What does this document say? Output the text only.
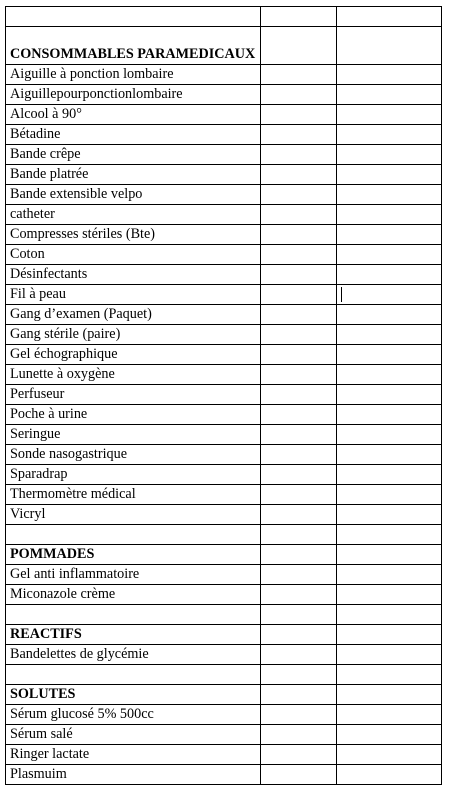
CONSOMMABLES PARAMEDICAUX		
Aiguille à ponction lombaire		
Aiguillepourponctionlombaire		
Alcool à 90°		
Bétadine		
Bande crêpe		
Bande platrée		
Bande extensible velpo		
catheter		
Compresses stériles (Bte)		
Coton		
Désinfectants		
Fil à peau		
Gang d’examen (Paquet)		
Gang stérile (paire)		
Gel échographique		
Lunette à oxygène		
Perfuseur		
Poche à urine		
Seringue		
Sonde nasogastrique		
Sparadrap		
Thermomètre médical		
Vicryl		

POMMADES		
Gel anti inflammatoire		
Miconazole crème		

REACTIFS		
Bandelettes de glycémie		

SOLUTES		
Sérum glucosé 5% 500cc		
Sérum salé		
Ringer lactate		
Plasmuim		
